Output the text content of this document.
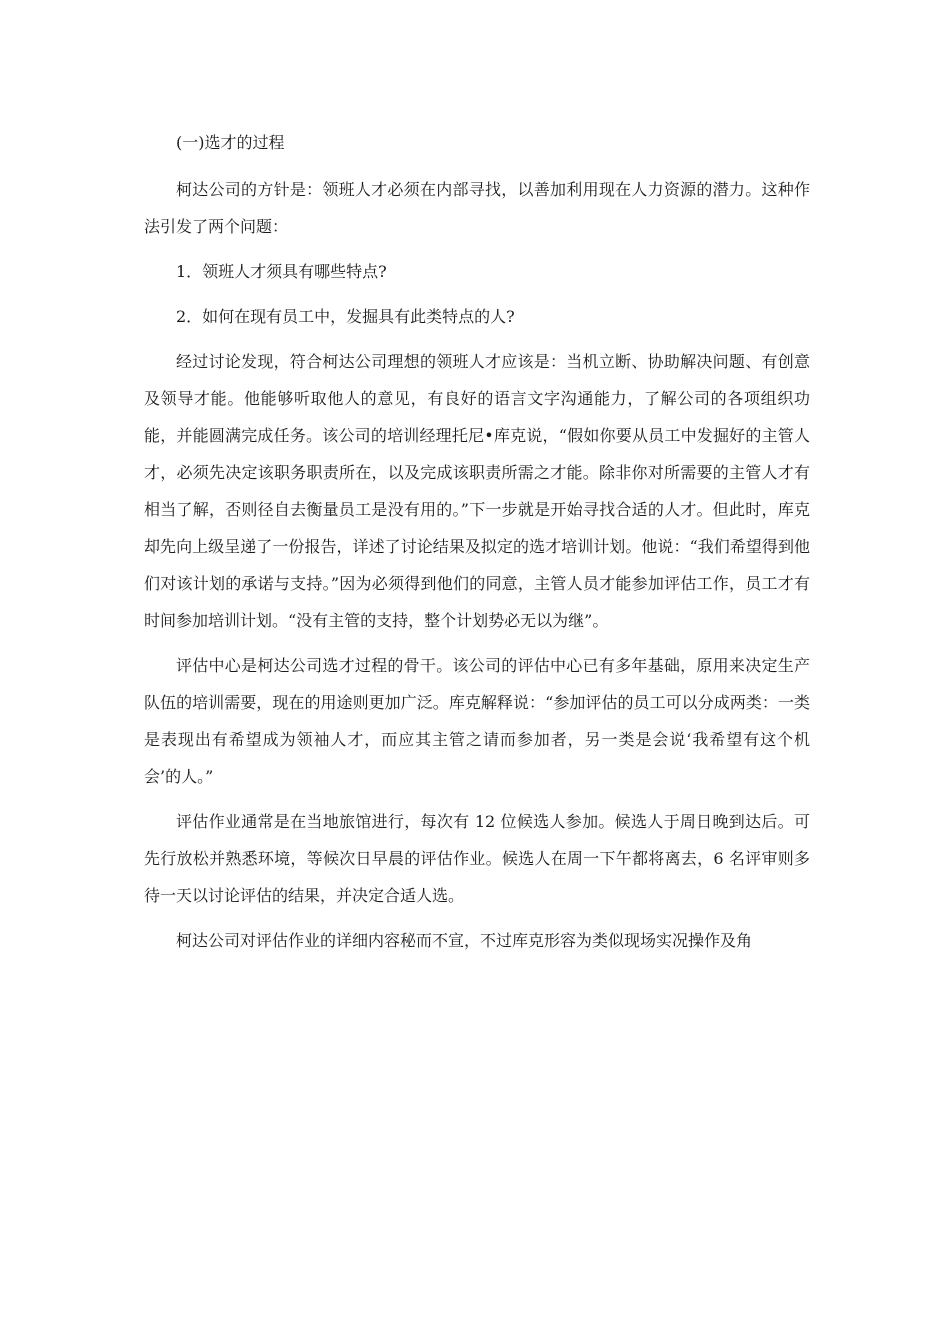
(一)选才的过程

柯达公司的方针是：领班人才必须在内部寻找，以善加利用现在人力资源的潜力。这种作法引发了两个问题：

1．领班人才须具有哪些特点?

2．如何在现有员工中，发掘具有此类特点的人?

经过讨论发现，符合柯达公司理想的领班人才应该是：当机立断、协助解决问题、有创意及领导才能。他能够听取他人的意见，有良好的语言文字沟通能力，了解公司的各项组织功能，并能圆满完成任务。该公司的培训经理托尼•库克说，“假如你要从员工中发掘好的主管人才，必须先决定该职务职责所在，以及完成该职责所需之才能。除非你对所需要的主管人才有相当了解，否则径自去衡量员工是没有用的。”下一步就是开始寻找合适的人才。但此时，库克却先向上级呈递了一份报告，详述了讨论结果及拟定的选才培训计划。他说：“我们希望得到他们对该计划的承诺与支持。”因为必须得到他们的同意，主管人员才能参加评估工作，员工才有时间参加培训计划。“没有主管的支持，整个计划势必无以为继”。

评估中心是柯达公司选才过程的骨干。该公司的评估中心已有多年基础，原用来决定生产队伍的培训需要，现在的用途则更加广泛。库克解释说：“参加评估的员工可以分成两类：一类是表现出有希望成为领袖人才，而应其主管之请而参加者，另一类是会说‘我希望有这个机会’的人。”

评估作业通常是在当地旅馆进行，每次有 12 位候选人参加。候选人于周日晚到达后。可先行放松并熟悉环境，等候次日早晨的评估作业。候选人在周一下午都将离去，6 名评审则多待一天以讨论评估的结果，并决定合适人选。

柯达公司对评估作业的详细内容秘而不宣，不过库克形容为类似现场实况操作及角
